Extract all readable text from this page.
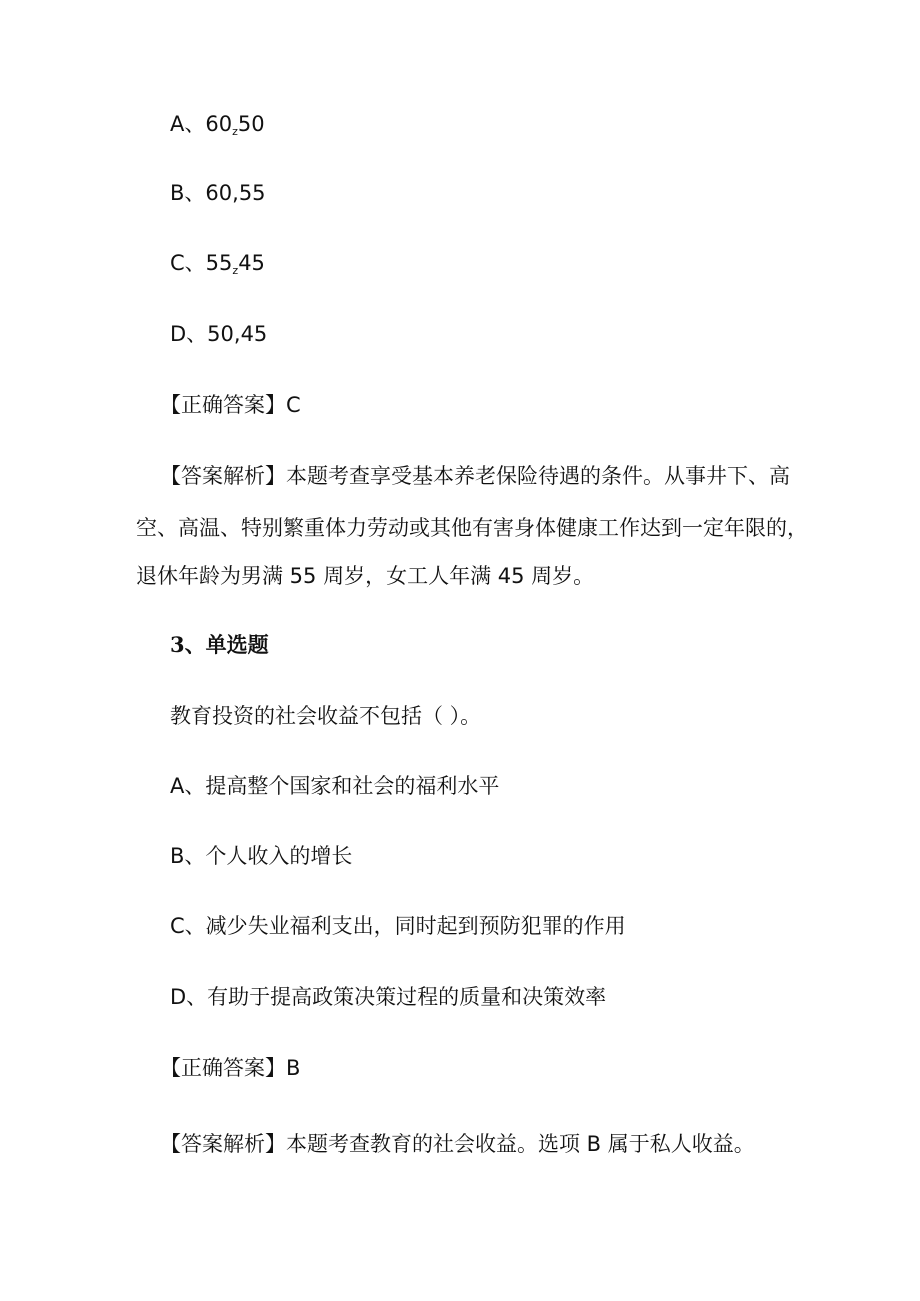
A、$60_z50$
B、60,55
C、$55_z45$
D、50,45
【正确答案】C
【答案解析】本题考查享受基本养老保险待遇的条件。从事井下、高
空、高温、特别繁重体力劳动或其他有害身体健康工作达到一定年限的，
退休年龄为男满 55 周岁，女工人年满 45 周岁。
3、单选题
教育投资的社会收益不包括（ ）。
A、提高整个国家和社会的福利水平
B、个人收入的增长
C、减少失业福利支出，同时起到预防犯罪的作用
D、有助于提高政策决策过程的质量和决策效率
【正确答案】B
【答案解析】本题考查教育的社会收益。选项 B 属于私人收益。
